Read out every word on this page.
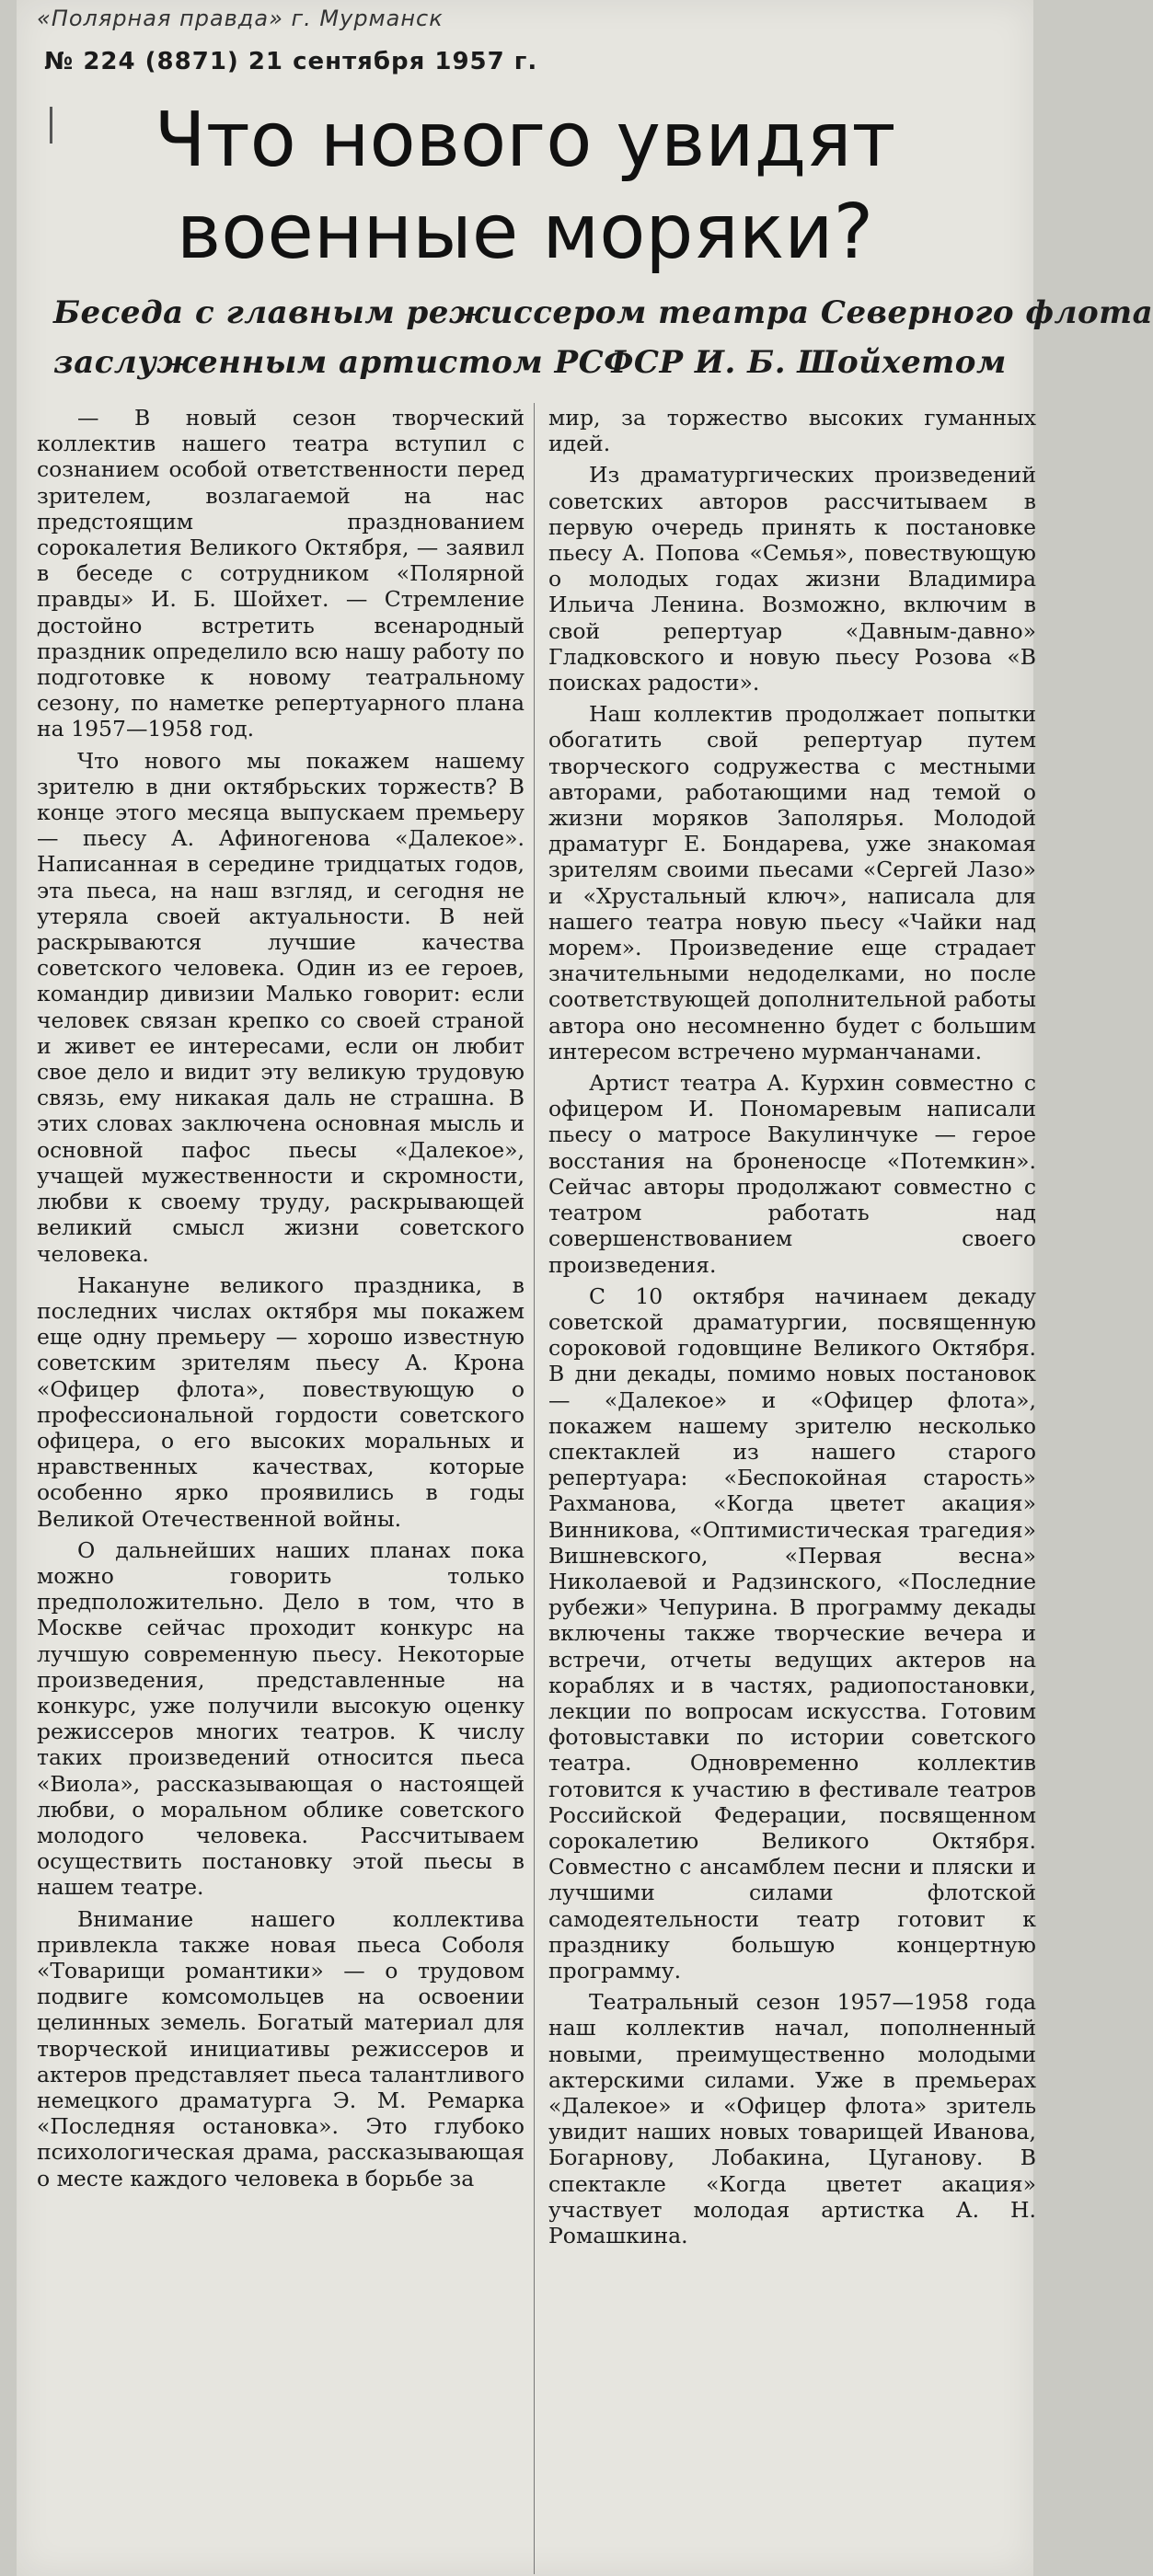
«Полярная правда» г. Мурманск
№ 224 (8871) 21 сентября 1957 г.
Что нового увидят
военные моряки?
Беседа с главным режиссером театра Северного флота
заслуженным артистом РСФСР И. Б. Шойхетом

— В новый сезон творческий коллектив нашего театра вступил с сознанием особой ответственности перед зрителем, возлагаемой на нас предстоящим празднованием сорокалетия Великого Октября, — заявил в беседе с сотрудником «Полярной правды» И. Б. Шойхет. — Стремление достойно встретить всенародный праздник определило всю нашу работу по подготовке к новому театральному сезону, по наметке репертуарного плана на 1957—1958 год.

Что нового мы покажем нашему зрителю в дни октябрьских торжеств? В конце этого месяца выпускаем премьеру — пьесу А. Афиногенова «Далекое». Написанная в середине тридцатых годов, эта пьеса, на наш взгляд, и сегодня не утеряла своей актуальности. В ней раскрываются лучшие качества советского человека. Один из ее героев, командир дивизии Малько говорит: если человек связан крепко со своей страной и живет ее интересами, если он любит свое дело и видит эту великую трудовую связь, ему никакая даль не страшна. В этих словах заключена основная мысль и основной пафос пьесы «Далекое», учащей мужественности и скромности, любви к своему труду, раскрывающей великий смысл жизни советского человека.

Накануне великого праздника, в последних числах октября мы покажем еще одну премьеру — хорошо известную советским зрителям пьесу А. Крона «Офицер флота», повествующую о профессиональной гордости советского офицера, о его высоких моральных и нравственных качествах, которые особенно ярко проявились в годы Великой Отечественной войны.

О дальнейших наших планах пока можно говорить только предположительно. Дело в том, что в Москве сейчас проходит конкурс на лучшую современную пьесу. Некоторые произведения, представленные на конкурс, уже получили высокую оценку режиссеров многих театров. К числу таких произведений относится пьеса «Виола», рассказывающая о настоящей любви, о моральном облике советского молодого человека. Рассчитываем осуществить постановку этой пьесы в нашем театре.

Внимание нашего коллектива привлекла также новая пьеса Соболя «Товарищи романтики» — о трудовом подвиге комсомольцев на освоении целинных земель. Богатый материал для творческой инициативы режиссеров и актеров представляет пьеса талантливого немецкого драматурга Э. М. Ремарка «Последняя остановка». Это глубоко психологическая драма, рассказывающая о месте каждого человека в борьбе за

мир, за торжество высоких гуманных идей.

Из драматургических произведений советских авторов рассчитываем в первую очередь принять к постановке пьесу А. Попова «Семья», повествующую о молодых годах жизни Владимира Ильича Ленина. Возможно, включим в свой репертуар «Давным-давно» Гладковского и новую пьесу Розова «В поисках радости».

Наш коллектив продолжает попытки обогатить свой репертуар путем творческого содружества с местными авторами, работающими над темой о жизни моряков Заполярья. Молодой драматург Е. Бондарева, уже знакомая зрителям своими пьесами «Сергей Лазо» и «Хрустальный ключ», написала для нашего театра новую пьесу «Чайки над морем». Произведение еще страдает значительными недоделками, но после соответствующей дополнительной работы автора оно несомненно будет с большим интересом встречено мурманчанами.

Артист театра А. Курхин совместно с офицером И. Пономаревым написали пьесу о матросе Вакулинчуке — герое восстания на броненосце «Потемкин». Сейчас авторы продолжают совместно с театром работать над совершенствованием своего произведения.

С 10 октября начинаем декаду советской драматургии, посвященную сороковой годовщине Великого Октября. В дни декады, помимо новых постановок — «Далекое» и «Офицер флота», покажем нашему зрителю несколько спектаклей из нашего старого репертуара: «Беспокойная старость» Рахманова, «Когда цветет акация» Винникова, «Оптимистическая трагедия» Вишневского, «Первая весна» Николаевой и Радзинского, «Последние рубежи» Чепурина. В программу декады включены также творческие вечера и встречи, отчеты ведущих актеров на кораблях и в частях, радиопостановки, лекции по вопросам искусства. Готовим фотовыставки по истории советского театра. Одновременно коллектив готовится к участию в фестивале театров Российской Федерации, посвященном сорокалетию Великого Октября. Совместно с ансамблем песни и пляски и лучшими силами флотской самодеятельности театр готовит к празднику большую концертную программу.

Театральный сезон 1957—1958 года наш коллектив начал, пополненный новыми, преимущественно молодыми актерскими силами. Уже в премьерах «Далекое» и «Офицер флота» зритель увидит наших новых товарищей Иванова, Богарнову, Лобакина, Цуганову. В спектакле «Когда цветет акация» участвует молодая артистка А. Н. Ромашкина.
